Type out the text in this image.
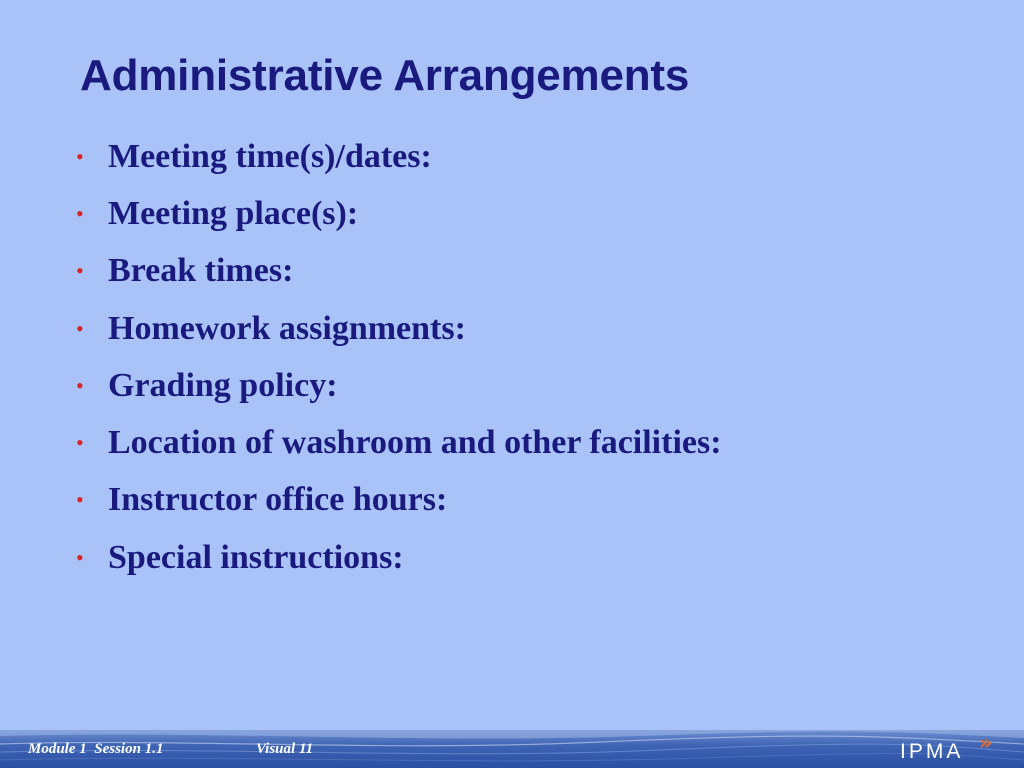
Administrative Arrangements
• Meeting time(s)/dates:
• Meeting place(s):
• Break times:
• Homework assignments:
• Grading policy:
• Location of washroom and other facilities:
• Instructor office hours:
• Special instructions:
Module 1  Session 1.1	Visual 11	IPMA
